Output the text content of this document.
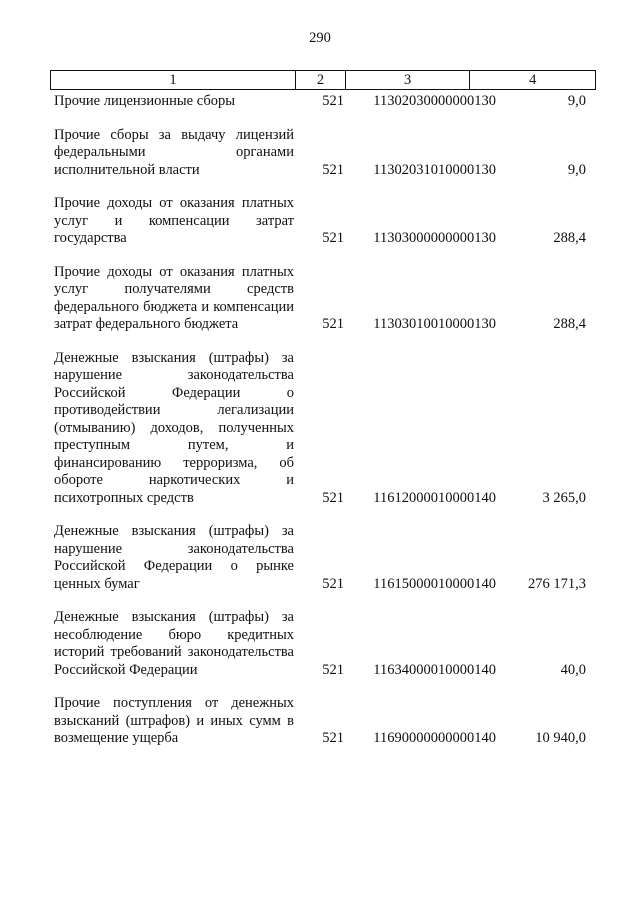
290
1	2	3	4
Прочие лицензионные сборы	521	11302030000000130	9,0
Прочие сборы за выдачу лицензий федеральными органами исполнительной власти	521	11302031010000130	9,0
Прочие доходы от оказания платных услуг и компенсации затрат государства	521	11303000000000130	288,4
Прочие доходы от оказания платных услуг получателями средств федерального бюджета и компенсации затрат федерального бюджета	521	11303010010000130	288,4
Денежные взыскания (штрафы) за нарушение законодательства Российской Федерации о противодействии легализации (отмыванию) доходов, полученных преступным путем, и финансированию терроризма, об обороте наркотических и психотропных средств	521	11612000010000140	3 265,0
Денежные взыскания (штрафы) за нарушение законодательства Российской Федерации о рынке ценных бумаг	521	11615000010000140	276 171,3
Денежные взыскания (штрафы) за несоблюдение бюро кредитных историй требований законодательства Российской Федерации	521	11634000010000140	40,0
Прочие поступления от денежных взысканий (штрафов) и иных сумм в возмещение ущерба	521	11690000000000140	10 940,0
